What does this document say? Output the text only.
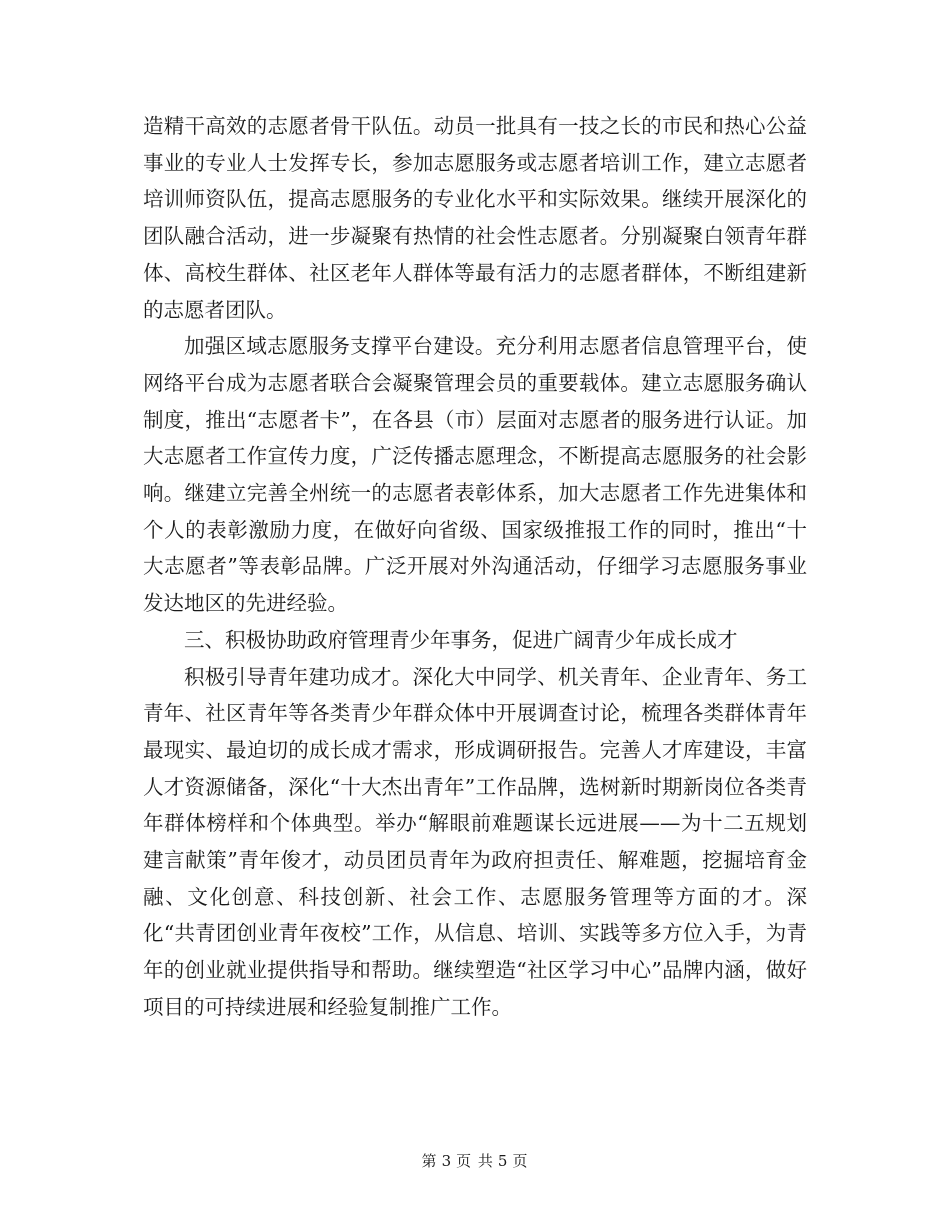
造精干高效的志愿者骨干队伍。动员一批具有一技之长的市民和热心公益事业的专业人士发挥专长，参加志愿服务或志愿者培训工作，建立志愿者培训师资队伍，提高志愿服务的专业化水平和实际效果。继续开展深化的团队融合活动，进一步凝聚有热情的社会性志愿者。分别凝聚白领青年群体、高校生群体、社区老年人群体等最有活力的志愿者群体，不断组建新的志愿者团队。

加强区域志愿服务支撑平台建设。充分利用志愿者信息管理平台，使网络平台成为志愿者联合会凝聚管理会员的重要载体。建立志愿服务确认制度，推出“志愿者卡”，在各县（市）层面对志愿者的服务进行认证。加大志愿者工作宣传力度，广泛传播志愿理念，不断提高志愿服务的社会影响。继建立完善全州统一的志愿者表彰体系，加大志愿者工作先进集体和个人的表彰激励力度，在做好向省级、国家级推报工作的同时，推出“十大志愿者”等表彰品牌。广泛开展对外沟通活动，仔细学习志愿服务事业发达地区的先进经验。

三、积极协助政府管理青少年事务，促进广阔青少年成长成才

积极引导青年建功成才。深化大中同学、机关青年、企业青年、务工青年、社区青年等各类青少年群众体中开展调查讨论，梳理各类群体青年最现实、最迫切的成长成才需求，形成调研报告。完善人才库建设，丰富人才资源储备，深化“十大杰出青年”工作品牌，选树新时期新岗位各类青年群体榜样和个体典型。举办“解眼前难题谋长远进展——为十二五规划建言献策”青年俊才，动员团员青年为政府担责任、解难题，挖掘培育金融、文化创意、科技创新、社会工作、志愿服务管理等方面的才。深化“共青团创业青年夜校”工作，从信息、培训、实践等多方位入手，为青年的创业就业提供指导和帮助。继续塑造“社区学习中心”品牌内涵，做好项目的可持续进展和经验复制推广工作。

第 3 页 共 5 页
